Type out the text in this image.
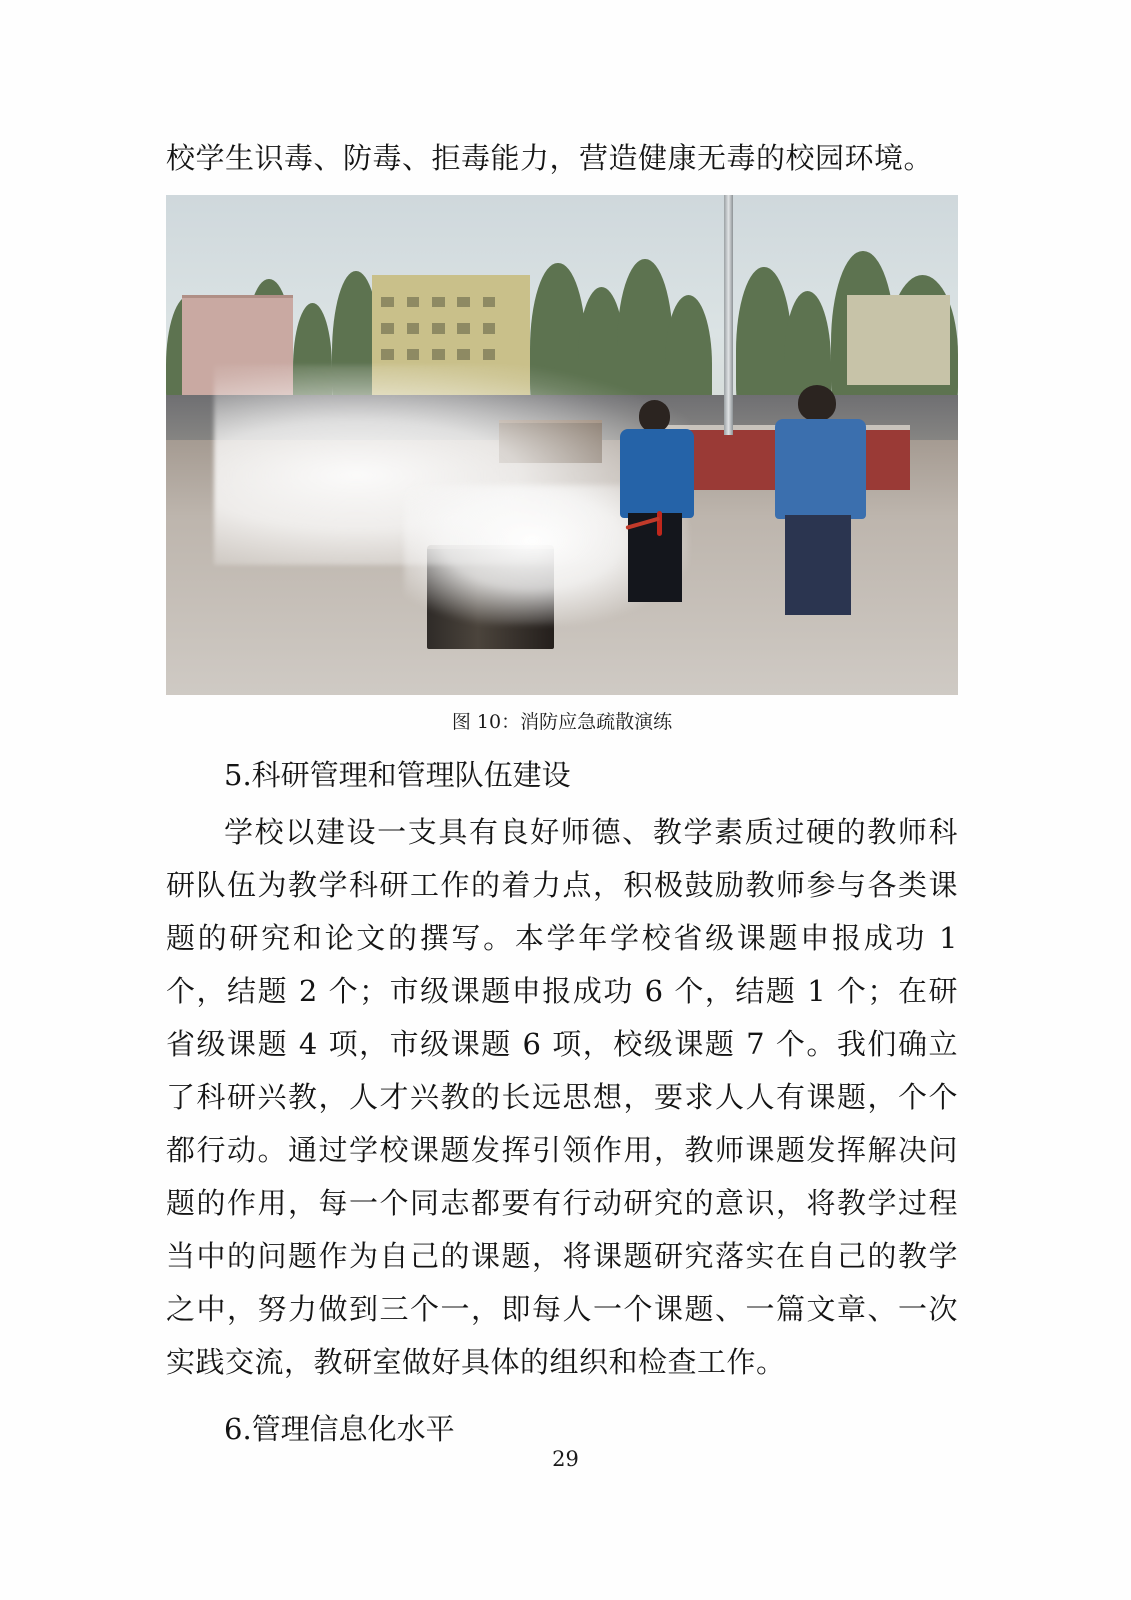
校学生识毒、防毒、拒毒能力，营造健康无毒的校园环境。

图 10：消防应急疏散演练

5.科研管理和管理队伍建设

学校以建设一支具有良好师德、教学素质过硬的教师科研队伍为教学科研工作的着力点，积极鼓励教师参与各类课题的研究和论文的撰写。本学年学校省级课题申报成功 1 个，结题 2 个；市级课题申报成功 6 个，结题 1 个；在研省级课题 4 项，市级课题 6 项，校级课题 7 个。我们确立了科研兴教，人才兴教的长远思想，要求人人有课题，个个都行动。通过学校课题发挥引领作用，教师课题发挥解决问题的作用，每一个同志都要有行动研究的意识，将教学过程当中的问题作为自己的课题，将课题研究落实在自己的教学之中，努力做到三个一，即每人一个课题、一篇文章、一次实践交流，教研室做好具体的组织和检查工作。

6.管理信息化水平

29
